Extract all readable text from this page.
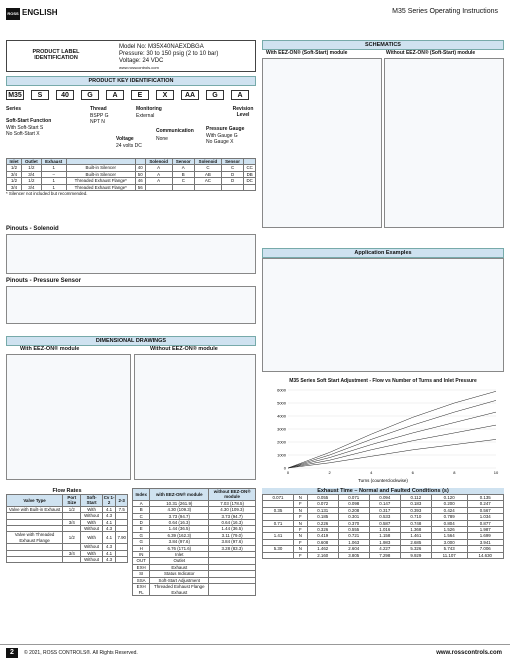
ROSS ENGLISH	M35 Series Operating Instructions
PRODUCT LABEL IDENTIFICATION
Model No: M35X40NAEXDBGA
Pressure: 30 to 150 psig (2 to 10 bar)
Voltage: 24 VDC
www.rosscontrols.com
PRODUCT KEY IDENTIFICATION
M35	S	40	G	A	E	X	AA	G	A
Series
Soft-Start Function
With Soft-Start S
No Soft-Start X
Thread
BSPP G
NPT N
Monitoring
External
Revision Level
Voltage
24 volts DC
Communication
None
Pressure Gauge
With Gauge G
No Gauge X
Inlet	Outlet	Exhaust			Solenoid	Sensor	Solenoid	Sensor	
1/2	1/2	1	Built-in Silencer	40	A	A	C	C	CC
3/4	3/4	–	Built-in Silencer	50	A	B	AB	D	DB
1/2	1/2	1	Threaded Exhaust Flange*	46	A	C	AC	D	DC
3/4	3/4	1	Threaded Exhaust Flange*	56					
* Silencer not included but recommended.
Pinouts - Solenoid
Pinouts - Pressure Sensor
DIMENSIONAL DRAWINGS
With EEZ-ON® module	Without EEZ-ON® module
SCHEMATICS
With EEZ-ON® (Soft-Start) module	Without EEZ-ON® (Soft-Start) module
Application Examples
M35 Series Soft Start Adjustment - Flow vs Number of Turns and Inlet Pressure
0
1000
2000
3000
4000
5000
6000
0	2	4	6	8	10
Turns (counterclockwise)
Flow Rates
Valve Type	Port Size	Soft-Start	Cv 1-2	2-3
Valve with Built-in Exhaust	1/2	With	4.1	7.5
		Without	4.3	
	3/4	With	4.1	
		Without	4.3	
Valve with Threaded Exhaust Flange	1/2	With	4.1	7.90
		Without	4.3	
	3/4	With	4.1	
		Without	4.3	
Index	with EEZ-ON® module	without EEZ-ON® module
A	10.31 (261.9)	7.03 (178.5)
B	4.30 (109.3)	4.30 (109.3)
C	3.73 (94.7)	3.73 (94.7)
D	0.64 (16.3)	0.64 (16.3)
E	1.44 (36.5)	1.44 (36.5)
G	6.39 (162.3)	3.11 (79.0)
G	3.84 (97.6)	3.84 (97.6)
H	6.76 (171.6)	3.28 (83.3)
IN	Inlet	
OUT	Outlet	
EXH	Exhaust	
SI	Status Indicator	
SSA	Soft-Start Adjustment	
EXH FL	Threaded Exhaust Flange Exhaust	
Exhaust Time – Normal and Faulted Conditions (s)
0.071	N	0.055	0.071	0.094	0.112	0.120	0.135
	F	0.072	0.098	0.147	0.183	0.200	0.247
0.35	N	0.131	0.208	0.317	0.393	0.424	0.567
	F	0.185	0.301	0.533	0.710	0.789	1.034
0.71	N	0.226	0.370	0.587	0.748	0.804	0.877
	F	0.326	0.555	1.016	1.368	1.526	1.987
1.41	N	0.419	0.721	1.158	1.461	1.564	1.699
	F	0.608	1.063	1.983	2.685	3.000	3.941
5.30	N	1.462	2.604	4.227	5.326	5.743	7.006
	F	2.160	3.805	7.298	9.929	11.107	14.630
2	© 2021, ROSS CONTROLS®. All Rights Reserved.	www.rosscontrols.com
